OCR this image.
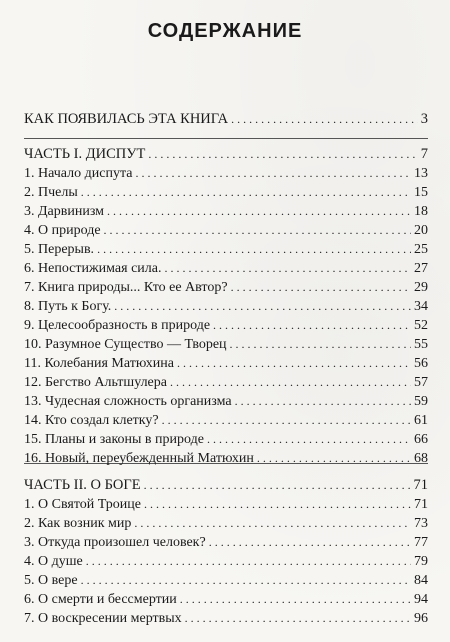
СОДЕРЖАНИЕ
КАК ПОЯВИЛАСЬ ЭТА КНИГА . . .	3
ЧАСТЬ I. ДИСПУТ . . .	7
1. Начало диспута . . .	13
2. Пчелы . . .	15
3. Дарвинизм . . .	18
4. О природе . . .	20
5. Перерыв. . . .	25
6. Непостижимая сила. . . .	27
7. Книга природы... Кто ее Автор? . . .	29
8. Путь к Богу. . . .	34
9. Целесообразность в природе . . .	52
10. Разумное Существо — Творец . . .	55
11. Колебания Матюхина . . .	56
12. Бегство Альтшулера . . .	57
13. Чудесная сложность организма . . .	59
14. Кто создал клетку? . . .	61
15. Планы и законы в природе . . .	66
16. Новый, переубежденный Матюхин . . .	68
ЧАСТЬ II. О БОГЕ . . .	71
1. О Святой Троице . . .	71
2. Как возник мир . . .	73
3. Откуда произошел человек? . . .	77
4. О душе . . .	79
5. О вере . . .	84
6. О смерти и бессмертии . . .	94
7. О воскресении мертвых . . .	96
